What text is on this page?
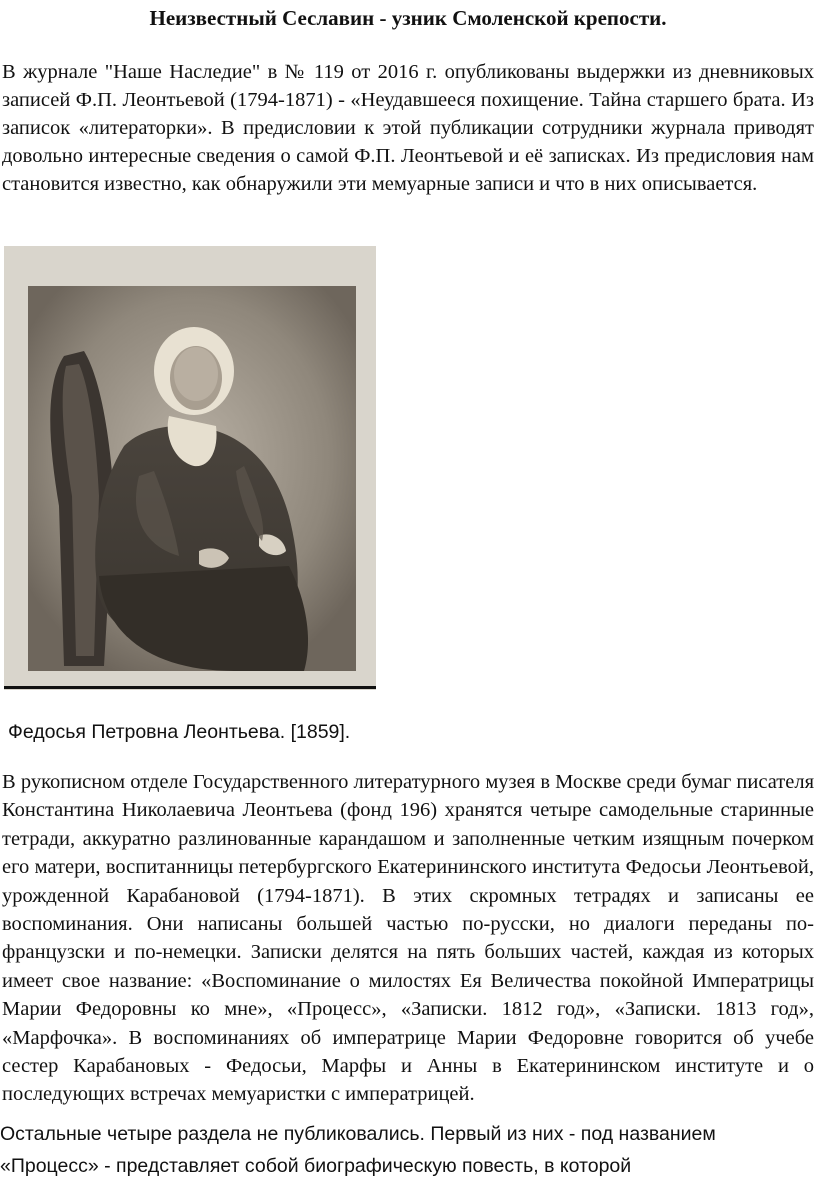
Неизвестный Сеславин - узник Смоленской крепости.

В журнале "Наше Наследие" в № 119 от 2016 г. опубликованы выдержки из дневниковых записей Ф.П. Леонтьевой (1794-1871) - «Неудавшееся похищение. Тайна старшего брата. Из записок «литераторки». В предисловии к этой публикации сотрудники журнала приводят довольно интересные сведения о самой Ф.П. Леонтьевой и её записках. Из предисловия нам становится известно, как обнаружили эти мемуарные записи и что в них описывается.

Федосья Петровна Леонтьева. [1859].

В рукописном отделе Государственного литературного музея в Москве среди бумаг писателя Константина Николаевича Леонтьева (фонд 196) хранятся четыре самодельные старинные тетради, аккуратно разлинованные карандашом и заполненные четким изящным почерком его матери, воспитанницы петербургского Екатерининского института Федосьи Леонтьевой, урожденной Карабановой (1794-1871). В этих скромных тетрадях и записаны ее воспоминания. Они написаны большей частью по-русски, но диалоги переданы по-французски и по-немецки. Записки делятся на пять больших частей, каждая из которых имеет свое название: «Воспоминание о милостях Ея Величества покойной Императрицы Марии Федоровны ко мне», «Процесс», «Записки. 1812 год», «Записки. 1813 год», «Марфочка». В воспоминаниях об императрице Марии Федоровне говорится об учебе сестер Карабановых - Федосьи, Марфы и Анны в Екатерининском институте и о последующих встречах мемуаристки с императрицей.

Остальные четыре раздела не публиковались. Первый из них - под названием

«Процесс» - представляет собой биографическую повесть, в которой
